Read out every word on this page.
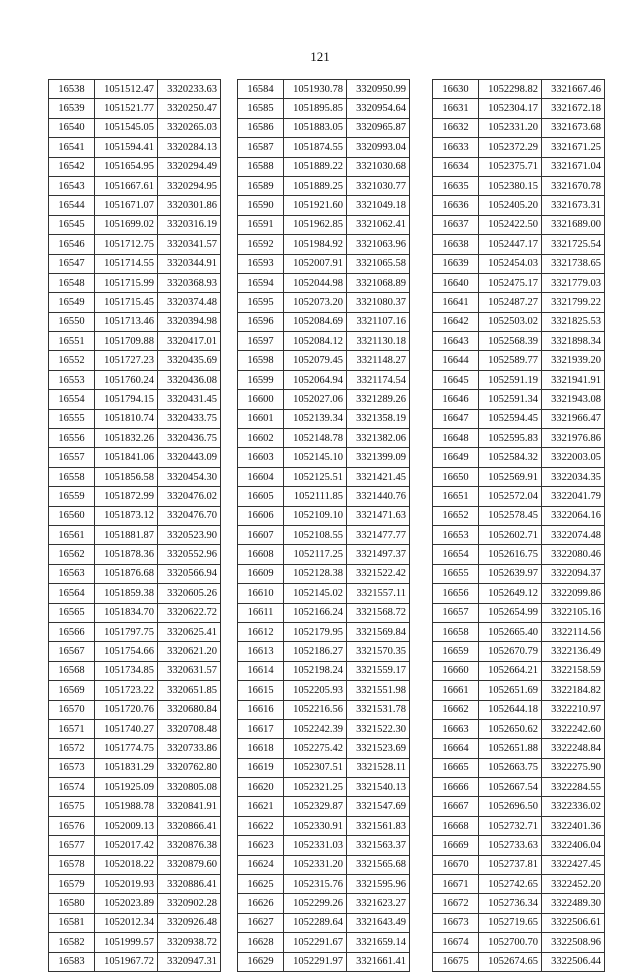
121
16538	1051512.47	3320233.63
16539	1051521.77	3320250.47
16540	1051545.05	3320265.03
16541	1051594.41	3320284.13
16542	1051654.95	3320294.49
16543	1051667.61	3320294.95
16544	1051671.07	3320301.86
16545	1051699.02	3320316.19
16546	1051712.75	3320341.57
16547	1051714.55	3320344.91
16548	1051715.99	3320368.93
16549	1051715.45	3320374.48
16550	1051713.46	3320394.98
16551	1051709.88	3320417.01
16552	1051727.23	3320435.69
16553	1051760.24	3320436.08
16554	1051794.15	3320431.45
16555	1051810.74	3320433.75
16556	1051832.26	3320436.75
16557	1051841.06	3320443.09
16558	1051856.58	3320454.30
16559	1051872.99	3320476.02
16560	1051873.12	3320476.70
16561	1051881.87	3320523.90
16562	1051878.36	3320552.96
16563	1051876.68	3320566.94
16564	1051859.38	3320605.26
16565	1051834.70	3320622.72
16566	1051797.75	3320625.41
16567	1051754.66	3320621.20
16568	1051734.85	3320631.57
16569	1051723.22	3320651.85
16570	1051720.76	3320680.84
16571	1051740.27	3320708.48
16572	1051774.75	3320733.86
16573	1051831.29	3320762.80
16574	1051925.09	3320805.08
16575	1051988.78	3320841.91
16576	1052009.13	3320866.41
16577	1052017.42	3320876.38
16578	1052018.22	3320879.60
16579	1052019.93	3320886.41
16580	1052023.89	3320902.28
16581	1052012.34	3320926.48
16582	1051999.57	3320938.72
16583	1051967.72	3320947.31
16584	1051930.78	3320950.99
16585	1051895.85	3320954.64
16586	1051883.05	3320965.87
16587	1051874.55	3320993.04
16588	1051889.22	3321030.68
16589	1051889.25	3321030.77
16590	1051921.60	3321049.18
16591	1051962.85	3321062.41
16592	1051984.92	3321063.96
16593	1052007.91	3321065.58
16594	1052044.98	3321068.89
16595	1052073.20	3321080.37
16596	1052084.69	3321107.16
16597	1052084.12	3321130.18
16598	1052079.45	3321148.27
16599	1052064.94	3321174.54
16600	1052027.06	3321289.26
16601	1052139.34	3321358.19
16602	1052148.78	3321382.06
16603	1052145.10	3321399.09
16604	1052125.51	3321421.45
16605	1052111.85	3321440.76
16606	1052109.10	3321471.63
16607	1052108.55	3321477.77
16608	1052117.25	3321497.37
16609	1052128.38	3321522.42
16610	1052145.02	3321557.11
16611	1052166.24	3321568.72
16612	1052179.95	3321569.84
16613	1052186.27	3321570.35
16614	1052198.24	3321559.17
16615	1052205.93	3321551.98
16616	1052216.56	3321531.78
16617	1052242.39	3321522.30
16618	1052275.42	3321523.69
16619	1052307.51	3321528.11
16620	1052321.25	3321540.13
16621	1052329.87	3321547.69
16622	1052330.91	3321561.83
16623	1052331.03	3321563.37
16624	1052331.20	3321565.68
16625	1052315.76	3321595.96
16626	1052299.26	3321623.27
16627	1052289.64	3321643.49
16628	1052291.67	3321659.14
16629	1052291.97	3321661.41
16630	1052298.82	3321667.46
16631	1052304.17	3321672.18
16632	1052331.20	3321673.68
16633	1052372.29	3321671.25
16634	1052375.71	3321671.04
16635	1052380.15	3321670.78
16636	1052405.20	3321673.31
16637	1052422.50	3321689.00
16638	1052447.17	3321725.54
16639	1052454.03	3321738.65
16640	1052475.17	3321779.03
16641	1052487.27	3321799.22
16642	1052503.02	3321825.53
16643	1052568.39	3321898.34
16644	1052589.77	3321939.20
16645	1052591.19	3321941.91
16646	1052591.34	3321943.08
16647	1052594.45	3321966.47
16648	1052595.83	3321976.86
16649	1052584.32	3322003.05
16650	1052569.91	3322034.35
16651	1052572.04	3322041.79
16652	1052578.45	3322064.16
16653	1052602.71	3322074.48
16654	1052616.75	3322080.46
16655	1052639.97	3322094.37
16656	1052649.12	3322099.86
16657	1052654.99	3322105.16
16658	1052665.40	3322114.56
16659	1052670.79	3322136.49
16660	1052664.21	3322158.59
16661	1052651.69	3322184.82
16662	1052644.18	3322210.97
16663	1052650.62	3322242.60
16664	1052651.88	3322248.84
16665	1052663.75	3322275.90
16666	1052667.54	3322284.55
16667	1052696.50	3322336.02
16668	1052732.71	3322401.36
16669	1052733.63	3322406.04
16670	1052737.81	3322427.45
16671	1052742.65	3322452.20
16672	1052736.34	3322489.30
16673	1052719.65	3322506.61
16674	1052700.70	3322508.96
16675	1052674.65	3322506.44
